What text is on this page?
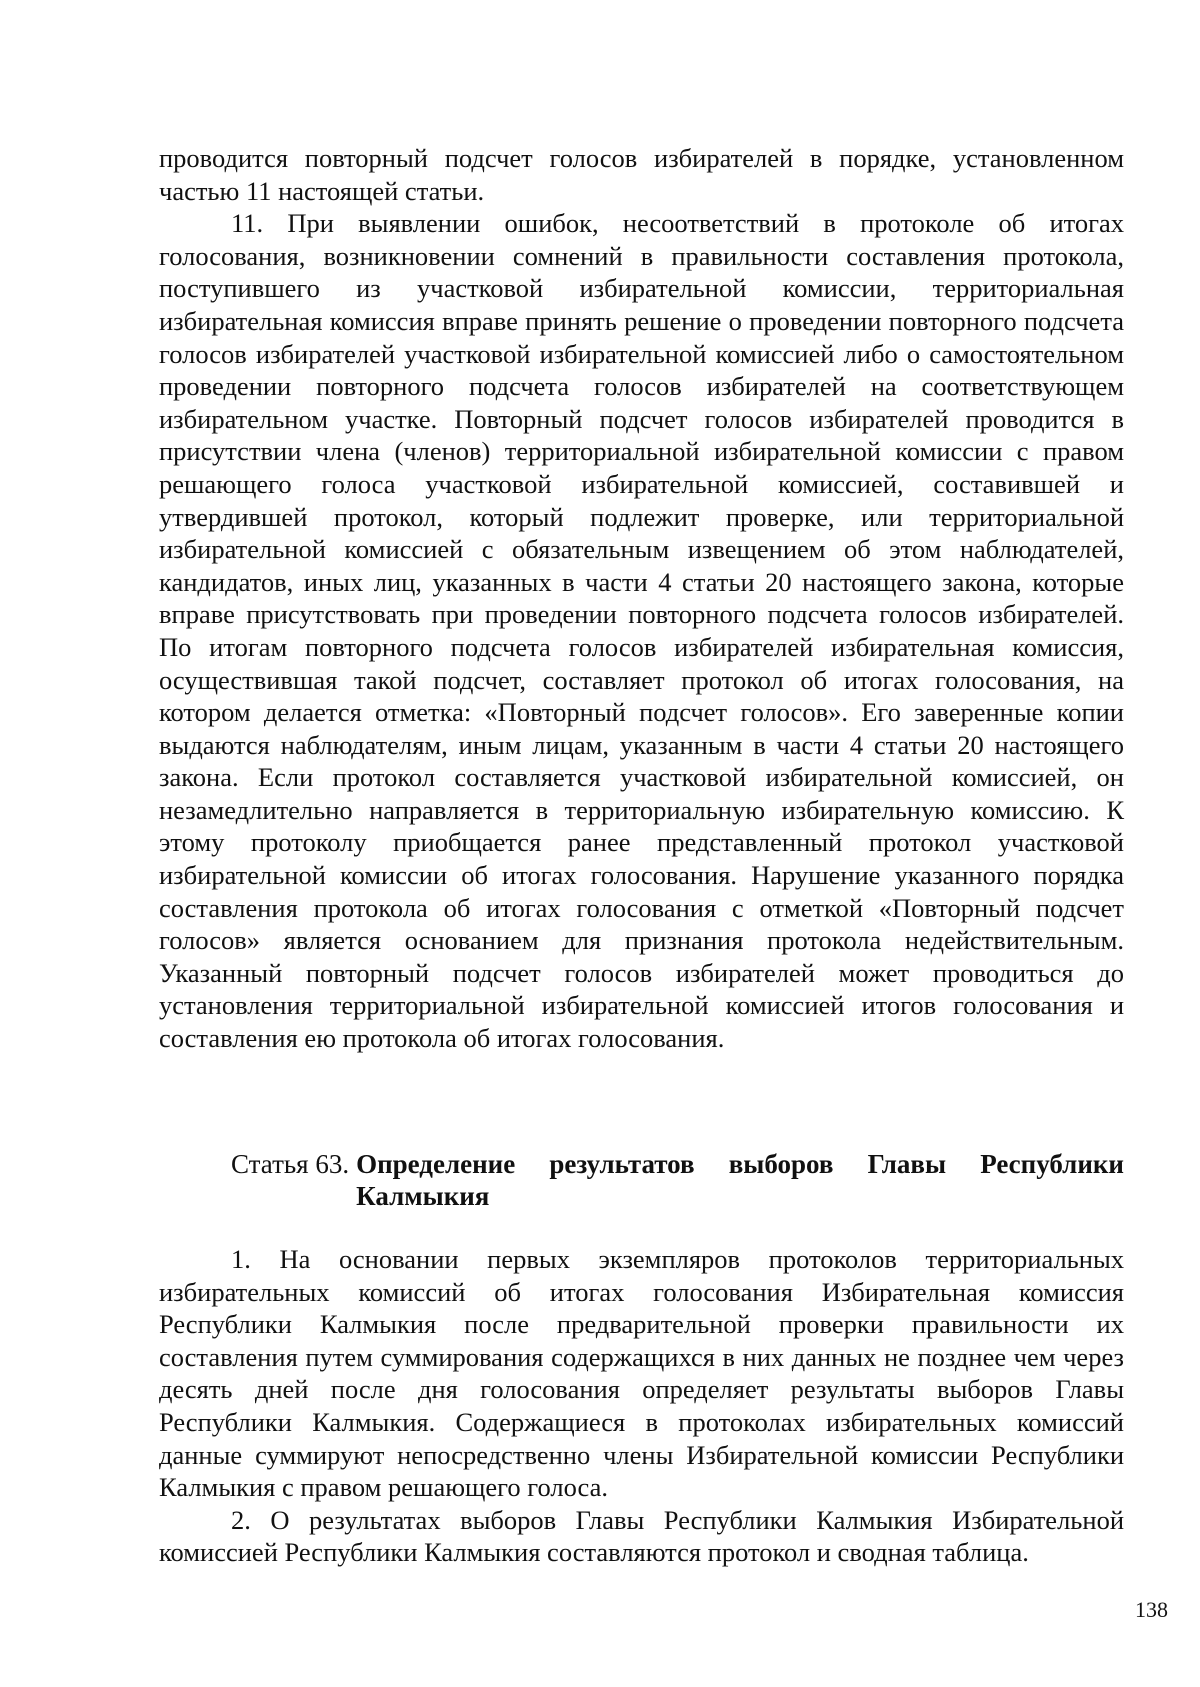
проводится повторный подсчет голосов избирателей в порядке, установленном частью 11 настоящей статьи.

11. При выявлении ошибок, несоответствий в протоколе об итогах голосования, возникновении сомнений в правильности составления протокола, поступившего из участковой избирательной комиссии, территориальная избирательная комиссия вправе принять решение о проведении повторного подсчета голосов избирателей участковой избирательной комиссией либо о самостоятельном проведении повторного подсчета голосов избирателей на соответствующем избирательном участке. Повторный подсчет голосов избирателей проводится в присутствии члена (членов) территориальной избирательной комиссии с правом решающего голоса участковой избирательной комиссией, составившей и утвердившей протокол, который подлежит проверке, или территориальной избирательной комиссией с обязательным извещением об этом наблюдателей, кандидатов, иных лиц, указанных в части 4 статьи 20 настоящего закона, которые вправе присутствовать при проведении повторного подсчета голосов избирателей. По итогам повторного подсчета голосов избирателей избирательная комиссия, осуществившая такой подсчет, составляет протокол об итогах голосования, на котором делается отметка: «Повторный подсчет голосов». Его заверенные копии выдаются наблюдателям, иным лицам, указанным в части 4 статьи 20 настоящего закона. Если протокол составляется участковой избирательной комиссией, он незамедлительно направляется в территориальную избирательную комиссию. К этому протоколу приобщается ранее представленный протокол участковой избирательной комиссии об итогах голосования. Нарушение указанного порядка составления протокола об итогах голосования с отметкой «Повторный подсчет голосов» является основанием для признания протокола недействительным. Указанный повторный подсчет голосов избирателей может проводиться до установления территориальной избирательной комиссией итогов голосования и составления ею протокола об итогах голосования.

Статья 63. Определение результатов выборов Главы Республики Калмыкия

1. На основании первых экземпляров протоколов территориальных избирательных комиссий об итогах голосования Избирательная комиссия Республики Калмыкия после предварительной проверки правильности их составления путем суммирования содержащихся в них данных не позднее чем через десять дней после дня голосования определяет результаты выборов Главы Республики Калмыкия. Содержащиеся в протоколах избирательных комиссий данные суммируют непосредственно члены Избирательной комиссии Республики Калмыкия с правом решающего голоса.

2. О результатах выборов Главы Республики Калмыкия Избирательной комиссией Республики Калмыкия составляются протокол и сводная таблица.

138
